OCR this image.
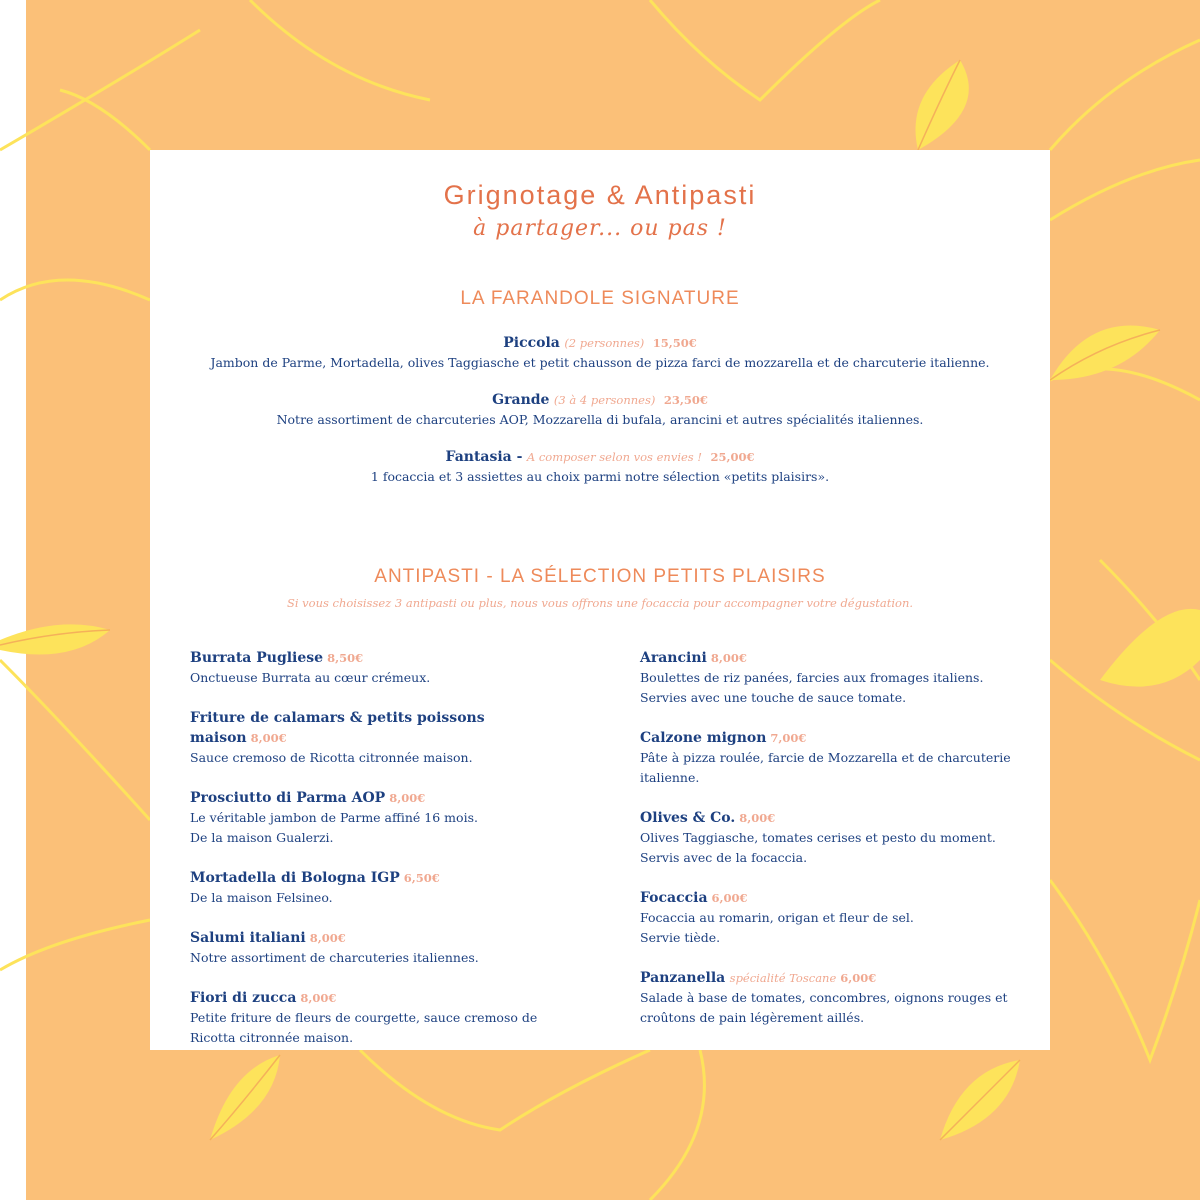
Grignotage & Antipasti
à partager... ou pas !
LA FARANDOLE SIGNATURE
Piccola (2 personnes) 15,50€
Jambon de Parme, Mortadella, olives Taggiasche et petit chausson de pizza farci de mozzarella et de charcuterie italienne.
Grande (3 à 4 personnes) 23,50€
Notre assortiment de charcuteries AOP, Mozzarella di bufala, arancini et autres spécialités italiennes.
Fantasia - A composer selon vos envies ! 25,00€
1 focaccia et 3 assiettes au choix parmi notre sélection «petits plaisirs».
ANTIPASTI - LA SÉLECTION PETITS PLAISIRS
Si vous choisissez 3 antipasti ou plus, nous vous offrons une focaccia pour accompagner votre dégustation.
Burrata Pugliese 8,50€
Onctueuse Burrata au cœur crémeux.
Friture de calamars & petits poissons maison 8,00€
Sauce cremoso de Ricotta citronnée maison.
Prosciutto di Parma AOP 8,00€
Le véritable jambon de Parme affiné 16 mois.
De la maison Gualerzi.
Mortadella di Bologna IGP 6,50€
De la maison Felsineo.
Salumi italiani 8,00€
Notre assortiment de charcuteries italiennes.
Fiori di zucca 8,00€
Petite friture de fleurs de courgette, sauce cremoso de
Ricotta citronnée maison.
Arancini 8,00€
Boulettes de riz panées, farcies aux fromages italiens.
Servies avec une touche de sauce tomate.
Calzone mignon 7,00€
Pâte à pizza roulée, farcie de Mozzarella et de charcuterie
italienne.
Olives & Co. 8,00€
Olives Taggiasche, tomates cerises et pesto du moment.
Servis avec de la focaccia.
Focaccia 6,00€
Focaccia au romarin, origan et fleur de sel.
Servie tiède.
Panzanella spécialité Toscane 6,00€
Salade à base de tomates, concombres, oignons rouges et
croûtons de pain légèrement aillés.
